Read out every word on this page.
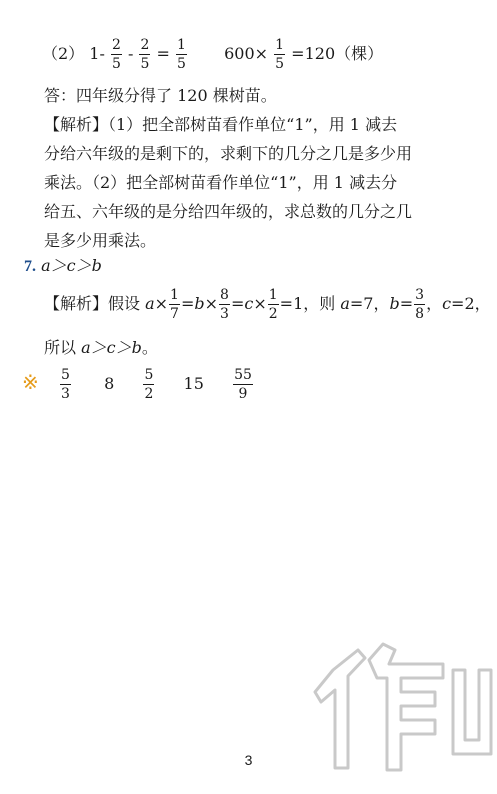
（2） $1- \frac{2}{5} - \frac{2}{5} = \frac{1}{5} 600\times \frac{1}{5} =120$（棵）
答：四年级分得了 120 棵树苗。
【解析】（1）把全部树苗看作单位“1”，用 1 减去
分给六年级的是剩下的，求剩下的几分之几是多少用
乘法。（2）把全部树苗看作单位“1”，用 1 减去分
给五、六年级的是分给四年级的，求总数的几分之几
是多少用乘法。
7. a＞c＞b
【解析】假设 $a\times \frac{1}{7} =b\times \frac{8}{3} =c\times \frac{1}{2} =1$，则 a=7，$b= \frac{3}{8}$ ，c=2，
所以 a＞c＞b。
※ $\frac{5}{3} 8 \frac{5}{2} 15 \frac{55}{9}$
3
